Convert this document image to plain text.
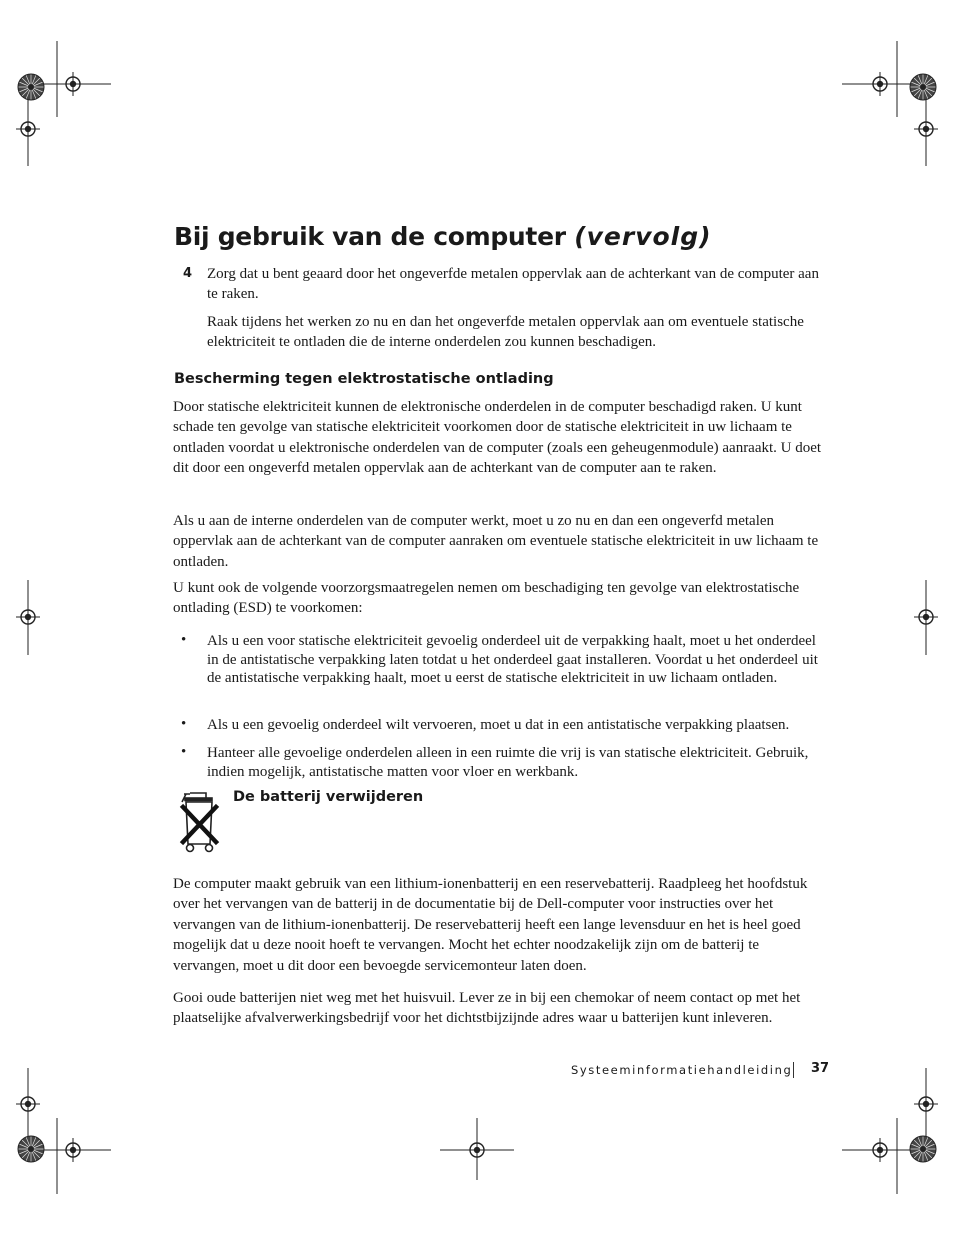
Bij gebruik van de computer (vervolg)
4 Zorg dat u bent geaard door het ongeverfde metalen oppervlak aan de achterkant van de computer aan te raken.

Raak tijdens het werken zo nu en dan het ongeverfde metalen oppervlak aan om eventuele statische elektriciteit te ontladen die de interne onderdelen zou kunnen beschadigen.

Bescherming tegen elektrostatische ontlading

Door statische elektriciteit kunnen de elektronische onderdelen in de computer beschadigd raken. U kunt schade ten gevolge van statische elektriciteit voorkomen door de statische elektriciteit in uw lichaam te ontladen voordat u elektronische onderdelen van de computer (zoals een geheugenmodule) aanraakt. U doet dit door een ongeverfd metalen oppervlak aan de achterkant van de computer aan te raken.

Als u aan de interne onderdelen van de computer werkt, moet u zo nu en dan een ongeverfd metalen oppervlak aan de achterkant van de computer aanraken om eventuele statische elektriciteit in uw lichaam te ontladen.

U kunt ook de volgende voorzorgsmaatregelen nemen om beschadiging ten gevolge van elektrostatische ontlading (ESD) te voorkomen:

• Als u een voor statische elektriciteit gevoelig onderdeel uit de verpakking haalt, moet u het onderdeel in de antistatische verpakking laten totdat u het onderdeel gaat installeren. Voordat u het onderdeel uit de antistatische verpakking haalt, moet u eerst de statische elektriciteit in uw lichaam ontladen.

• Als u een gevoelig onderdeel wilt vervoeren, moet u dat in een antistatische verpakking plaatsen.

• Hanteer alle gevoelige onderdelen alleen in een ruimte die vrij is van statische elektriciteit. Gebruik, indien mogelijk, antistatische matten voor vloer en werkbank.

De batterij verwijderen

De computer maakt gebruik van een lithium-ionenbatterij en een reservebatterij. Raadpleeg het hoofdstuk over het vervangen van de batterij in de documentatie bij de Dell-computer voor instructies over het vervangen van de lithium-ionenbatterij. De reservebatterij heeft een lange levensduur en het is heel goed mogelijk dat u deze nooit hoeft te vervangen. Mocht het echter noodzakelijk zijn om de batterij te vervangen, moet u dit door een bevoegde servicemonteur laten doen.

Gooi oude batterijen niet weg met het huisvuil. Lever ze in bij een chemokar of neem contact op met het plaatselijke afvalverwerkingsbedrijf voor het dichtstbijzijnde adres waar u batterijen kunt inleveren.

Systeeminformatiehandleiding 37
